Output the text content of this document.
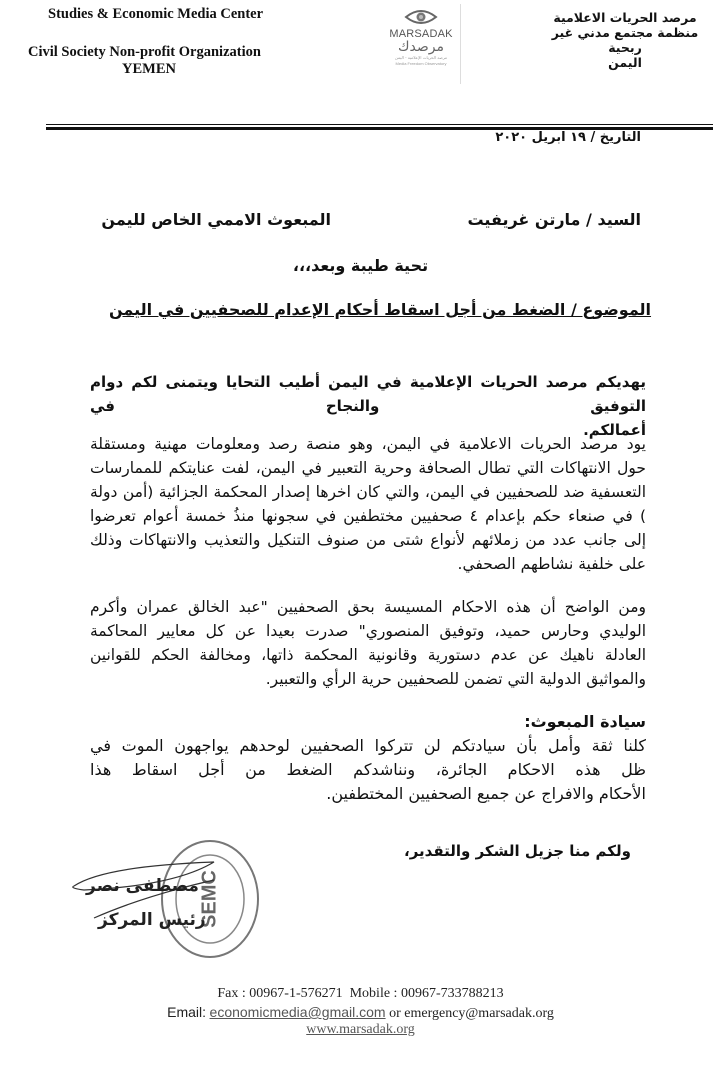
Studies & Economic Media Center
Civil Society Non-profit Organization
YEMEN
MARSADAK
مرصدك
مرصد الحريات الإعلامية - اليمن
Media Freedom Observatory
مرصد الحريات الاعلامية
منظمة مجتمع مدني غير ربحية
اليمن
التاريخ / ١٩ ابريل ٢٠٢٠
السيد / مارتن غريفيت
المبعوث الاممي الخاص لليمن
تحية طيبة وبعد،،،
الموضوع / الضغط من أجل اسقاط أحكام الإعدام للصحفيين في اليمن
يهديكم مرصد الحريات الإعلامية في اليمن أطيب التحايا ويتمنى لكم دوام التوفيق والنجاح في
أعمالكم.
يود مرصد الحريات الاعلامية في اليمن، وهو منصة رصد ومعلومات مهنية ومستقلة
حول الانتهاكات التي تطال الصحافة وحرية التعبير في اليمن، لفت عنايتكم للممارسات
التعسفية ضد للصحفيين في اليمن، والتي كان اخرها إصدار المحكمة الجزائية (أمن دولة
) في صنعاء حكم بإعدام ٤ صحفيين مختطفين في سجونها منذُ خمسة أعوام تعرضوا
إلى جانب عدد من زملائهم لأنواع شتى من صنوف التنكيل والتعذيب والانتهاكات وذلك
على خلفية نشاطهم الصحفي.
ومن الواضح أن هذه الاحكام المسيسة بحق الصحفيين "عبد الخالق عمران وأكرم
الوليدي وحارس حميد، وتوفيق المنصوري" صدرت بعيدا عن كل معايير المحاكمة
العادلة ناهيك عن عدم دستورية وقانونية المحكمة ذاتها، ومخالفة الحكم للقوانين
والمواثيق الدولية التي تضمن للصحفيين حرية الرأي والتعبير.
سيادة المبعوث:
كلنا ثقة وأمل بأن سيادتكم لن تتركوا الصحفيين لوحدهم يواجهون الموت في
ظل هذه الاحكام الجائرة، ونناشدكم الضغط من أجل اسقاط هذا
الأحكام والافراج عن جميع الصحفيين المختطفين.
ولكم منا جزيل الشكر والتقدير،
SEMC
مصطفى نصر
رئيس المركز
Fax : 00967-1-576271 Mobile : 00967-733788213
Email: economicmedia@gmail.com or emergency@marsadak.org
www.marsadak.org
